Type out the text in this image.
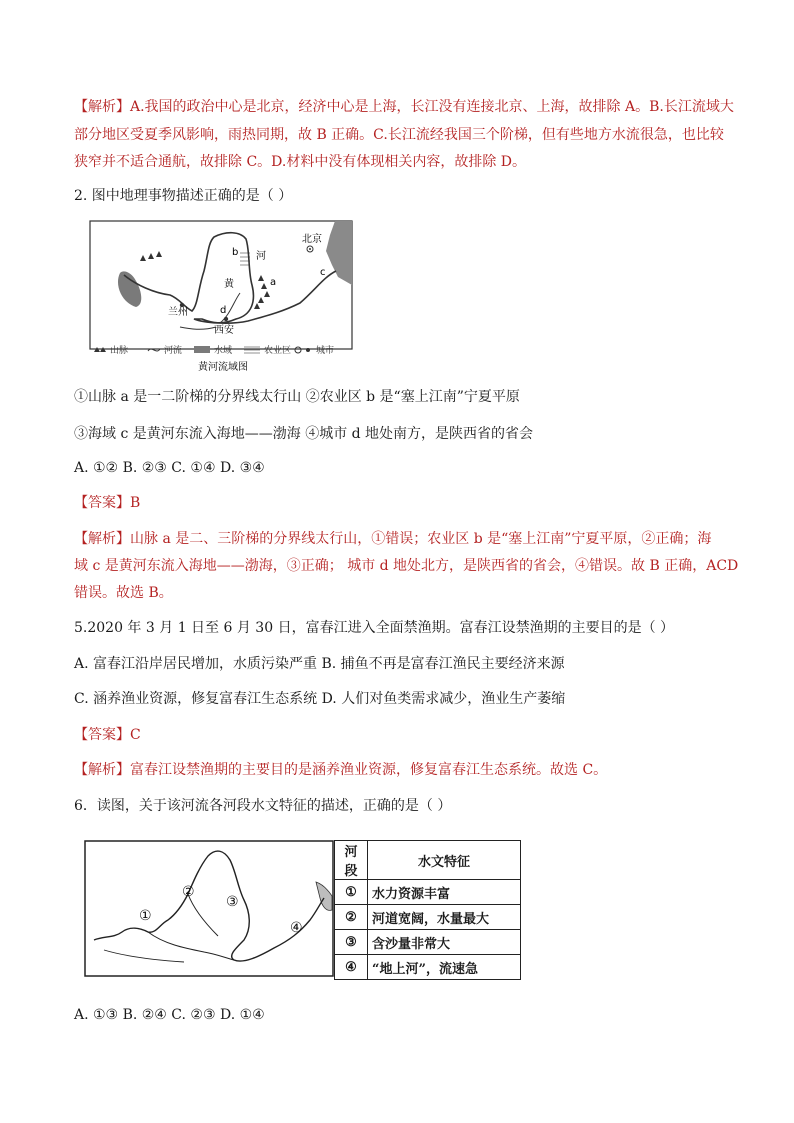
【解析】A.我国的政治中心是北京，经济中心是上海，长江没有连接北京、上海，故排除 A。B.长江流域大
部分地区受夏季风影响，雨热同期，故 B 正确。C.长江流经我国三个阶梯，但有些地方水流很急，也比较
狭窄并不适合通航，故排除 C。D.材料中没有体现相关内容，故排除 D。
2. 图中地理事物描述正确的是（ ）
北京
河
黄	a
b
c
d
兰州
西安
山脉	河流	水域	农业区	城市
黄河流域图
①山脉 a 是一二阶梯的分界线太行山 ②农业区 b 是“塞上江南”宁夏平原
③海域 c 是黄河东流入海地——渤海 ④城市 d 地处南方，是陕西省的省会
A. ①② B. ②③ C. ①④ D. ③④
【答案】B
【解析】山脉 a 是二、三阶梯的分界线太行山，①错误；农业区 b 是“塞上江南”宁夏平原，②正确；海
域 c 是黄河东流入海地——渤海，③正确； 城市 d 地处北方，是陕西省的省会，④错误。故 B 正确，ACD
错误。故选 B。
5.2020 年 3 月 1 日至 6 月 30 日，富春江进入全面禁渔期。富春江设禁渔期的主要目的是（ ）
A. 富春江沿岸居民增加，水质污染严重 B. 捕鱼不再是富春江渔民主要经济来源
C. 涵养渔业资源，修复富春江生态系统 D. 人们对鱼类需求减少，渔业生产萎缩
【答案】C
【解析】富春江设禁渔期的主要目的是涵养渔业资源，修复富春江生态系统。故选 C。
6．读图，关于该河流各河段水文特征的描述，正确的是（ ）
①
②
③
④
河段	水文特征
①	水力资源丰富
②	河道宽阔，水量最大
③	含沙量非常大
④	“地上河”，流速急
A. ①③ B. ②④ C. ②③ D. ①④
